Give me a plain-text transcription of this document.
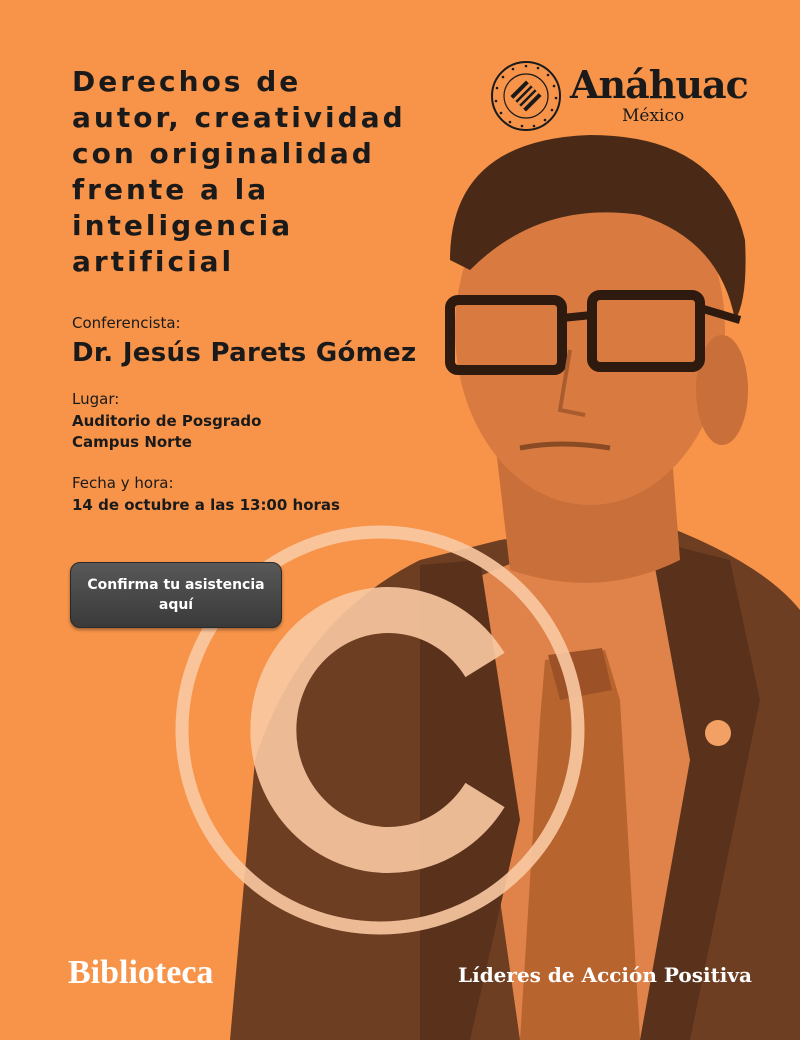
Anáhuac
México
Derechos de
autor, creatividad
con originalidad
frente a la
inteligencia
artificial
Conferencista:
Dr. Jesús Parets Gómez
Lugar:
Auditorio de Posgrado
Campus Norte
Fecha y hora:
14 de octubre a las 13:00 horas
Confirma tu asistencia aquí
Biblioteca	Líderes de Acción Positiva
